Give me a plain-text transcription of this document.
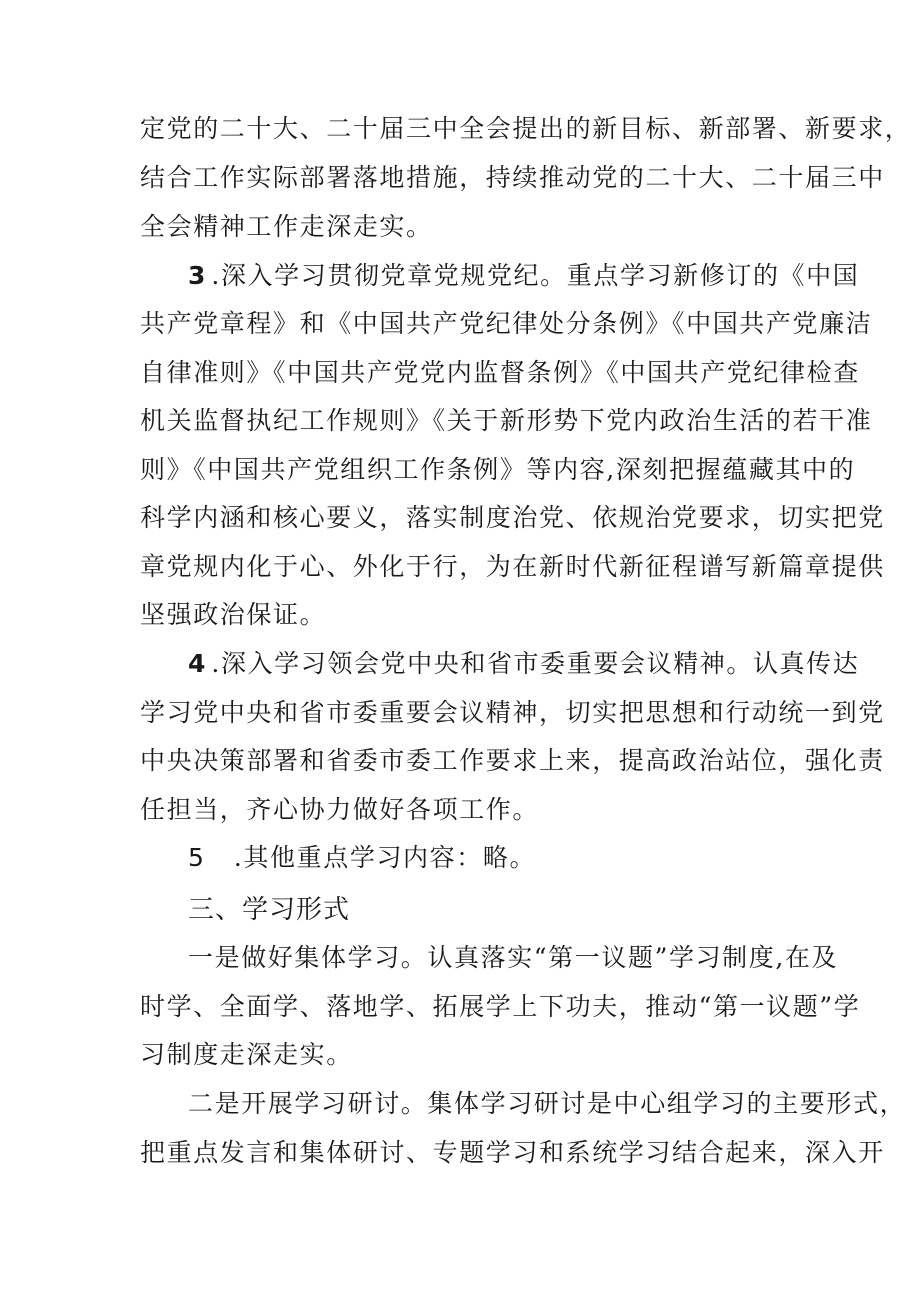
定党的二十大、二十届三中全会提出的新目标、新部署、新要求，
结合工作实际部署落地措施，持续推动党的二十大、二十届三中
全会精神工作走深走实。
3 .深入学习贯彻党章党规党纪。重点学习新修订的《中国
共产党章程》和《中国共产党纪律处分条例》《中国共产党廉洁
自律准则》《中国共产党党内监督条例》《中国共产党纪律检查
机关监督执纪工作规则》《关于新形势下党内政治生活的若干准
则》《中国共产党组织工作条例》等内容,深刻把握蕴藏其中的
科学内涵和核心要义，落实制度治党、依规治党要求，切实把党
章党规内化于心、外化于行，为在新时代新征程谱写新篇章提供
坚强政治保证。
4 .深入学习领会党中央和省市委重要会议精神。认真传达
学习党中央和省市委重要会议精神，切实把思想和行动统一到党
中央决策部署和省委市委工作要求上来，提高政治站位，强化责
任担当，齐心协力做好各项工作。
5 .其他重点学习内容：略。
三、学习形式
一是做好集体学习。认真落实“第一议题”学习制度,在及
时学、全面学、落地学、拓展学上下功夫，推动“第一议题”学
习制度走深走实。
二是开展学习研讨。集体学习研讨是中心组学习的主要形式，
把重点发言和集体研讨、专题学习和系统学习结合起来，深入开
